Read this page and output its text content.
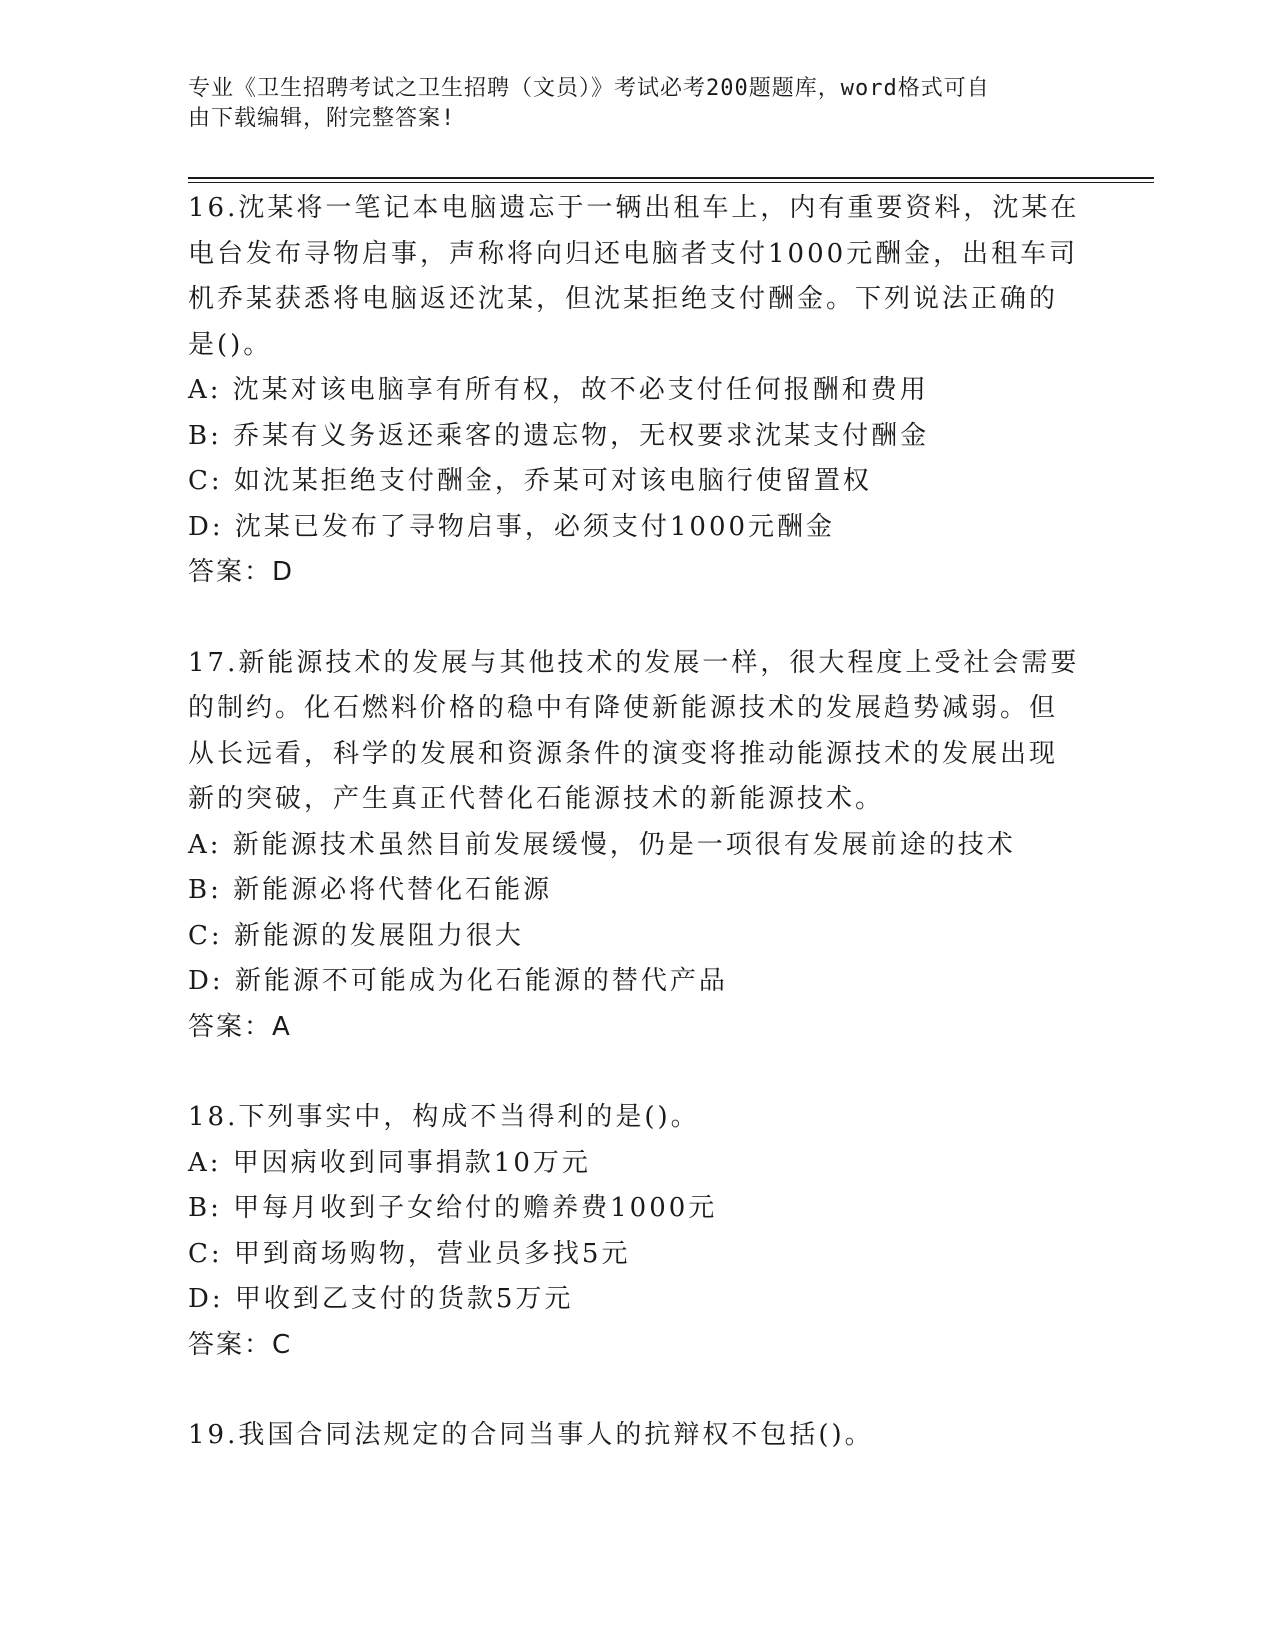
专业《卫生招聘考试之卫生招聘（文员）》考试必考200题题库，word格式可自
由下载编辑，附完整答案!

16.沈某将一笔记本电脑遗忘于一辆出租车上，内有重要资料，沈某在

电台发布寻物启事，声称将向归还电脑者支付1000元酬金，出租车司

机乔某获悉将电脑返还沈某，但沈某拒绝支付酬金。下列说法正确的

是()。

A: 沈某对该电脑享有所有权，故不必支付任何报酬和费用

B: 乔某有义务返还乘客的遗忘物，无权要求沈某支付酬金

C: 如沈某拒绝支付酬金，乔某可对该电脑行使留置权

D: 沈某已发布了寻物启事，必须支付1000元酬金

答案：D

17.新能源技术的发展与其他技术的发展一样，很大程度上受社会需要

的制约。化石燃料价格的稳中有降使新能源技术的发展趋势减弱。但

从长远看，科学的发展和资源条件的演变将推动能源技术的发展出现

新的突破，产生真正代替化石能源技术的新能源技术。

A: 新能源技术虽然目前发展缓慢，仍是一项很有发展前途的技术

B: 新能源必将代替化石能源

C: 新能源的发展阻力很大

D: 新能源不可能成为化石能源的替代产品

答案：A

18.下列事实中，构成不当得利的是()。

A: 甲因病收到同事捐款10万元

B: 甲每月收到子女给付的赡养费1000元

C: 甲到商场购物，营业员多找5元

D: 甲收到乙支付的货款5万元

答案：C

19.我国合同法规定的合同当事人的抗辩权不包括()。
